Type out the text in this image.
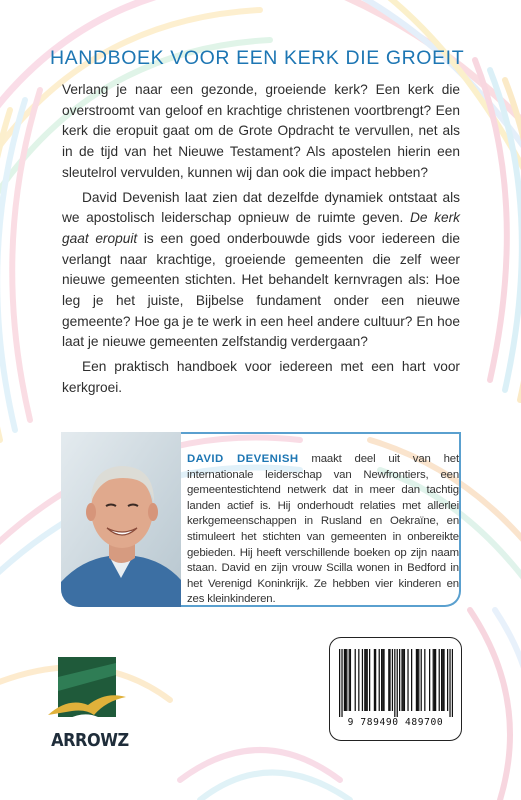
HANDBOEK VOOR EEN KERK DIE GROEIT

Verlang je naar een gezonde, groeiende kerk? Een kerk die overstroomt van geloof en krachtige christenen voortbrengt? Een kerk die eropuit gaat om de Grote Opdracht te vervullen, net als in de tijd van het Nieuwe Testament? Als apostelen hierin een sleutelrol vervulden, kunnen wij dan ook die impact hebben?

David Devenish laat zien dat dezelfde dynamiek ontstaat als we apostolisch leiderschap opnieuw de ruimte geven. De kerk gaat eropuit is een goed onderbouwde gids voor iedereen die verlangt naar krachtige, groeiende gemeenten die zelf weer nieuwe gemeenten stichten. Het behandelt kernvragen als: Hoe leg je het juiste, Bijbelse fundament onder een nieuwe gemeente? Hoe ga je te werk in een heel andere cultuur? En hoe laat je nieuwe gemeenten zelfstandig verdergaan?

Een praktisch handboek voor iedereen met een hart voor kerkgroei.

DAVID DEVENISH maakt deel uit van het internationale leiderschap van Newfrontiers, een gemeentestichtend netwerk dat in meer dan tachtig landen actief is. Hij onderhoudt relaties met allerlei kerkgemeenschappen in Rusland en Oekraïne, en stimuleert het stichten van gemeenten in onbereikte gebieden. Hij heeft verschillende boeken op zijn naam staan. David en zijn vrouw Scilla wonen in Bedford in het Verenigd Koninkrijk. Ze hebben vier kinderen en zes kleinkinderen.

ARROWZ
9 789490 489700
